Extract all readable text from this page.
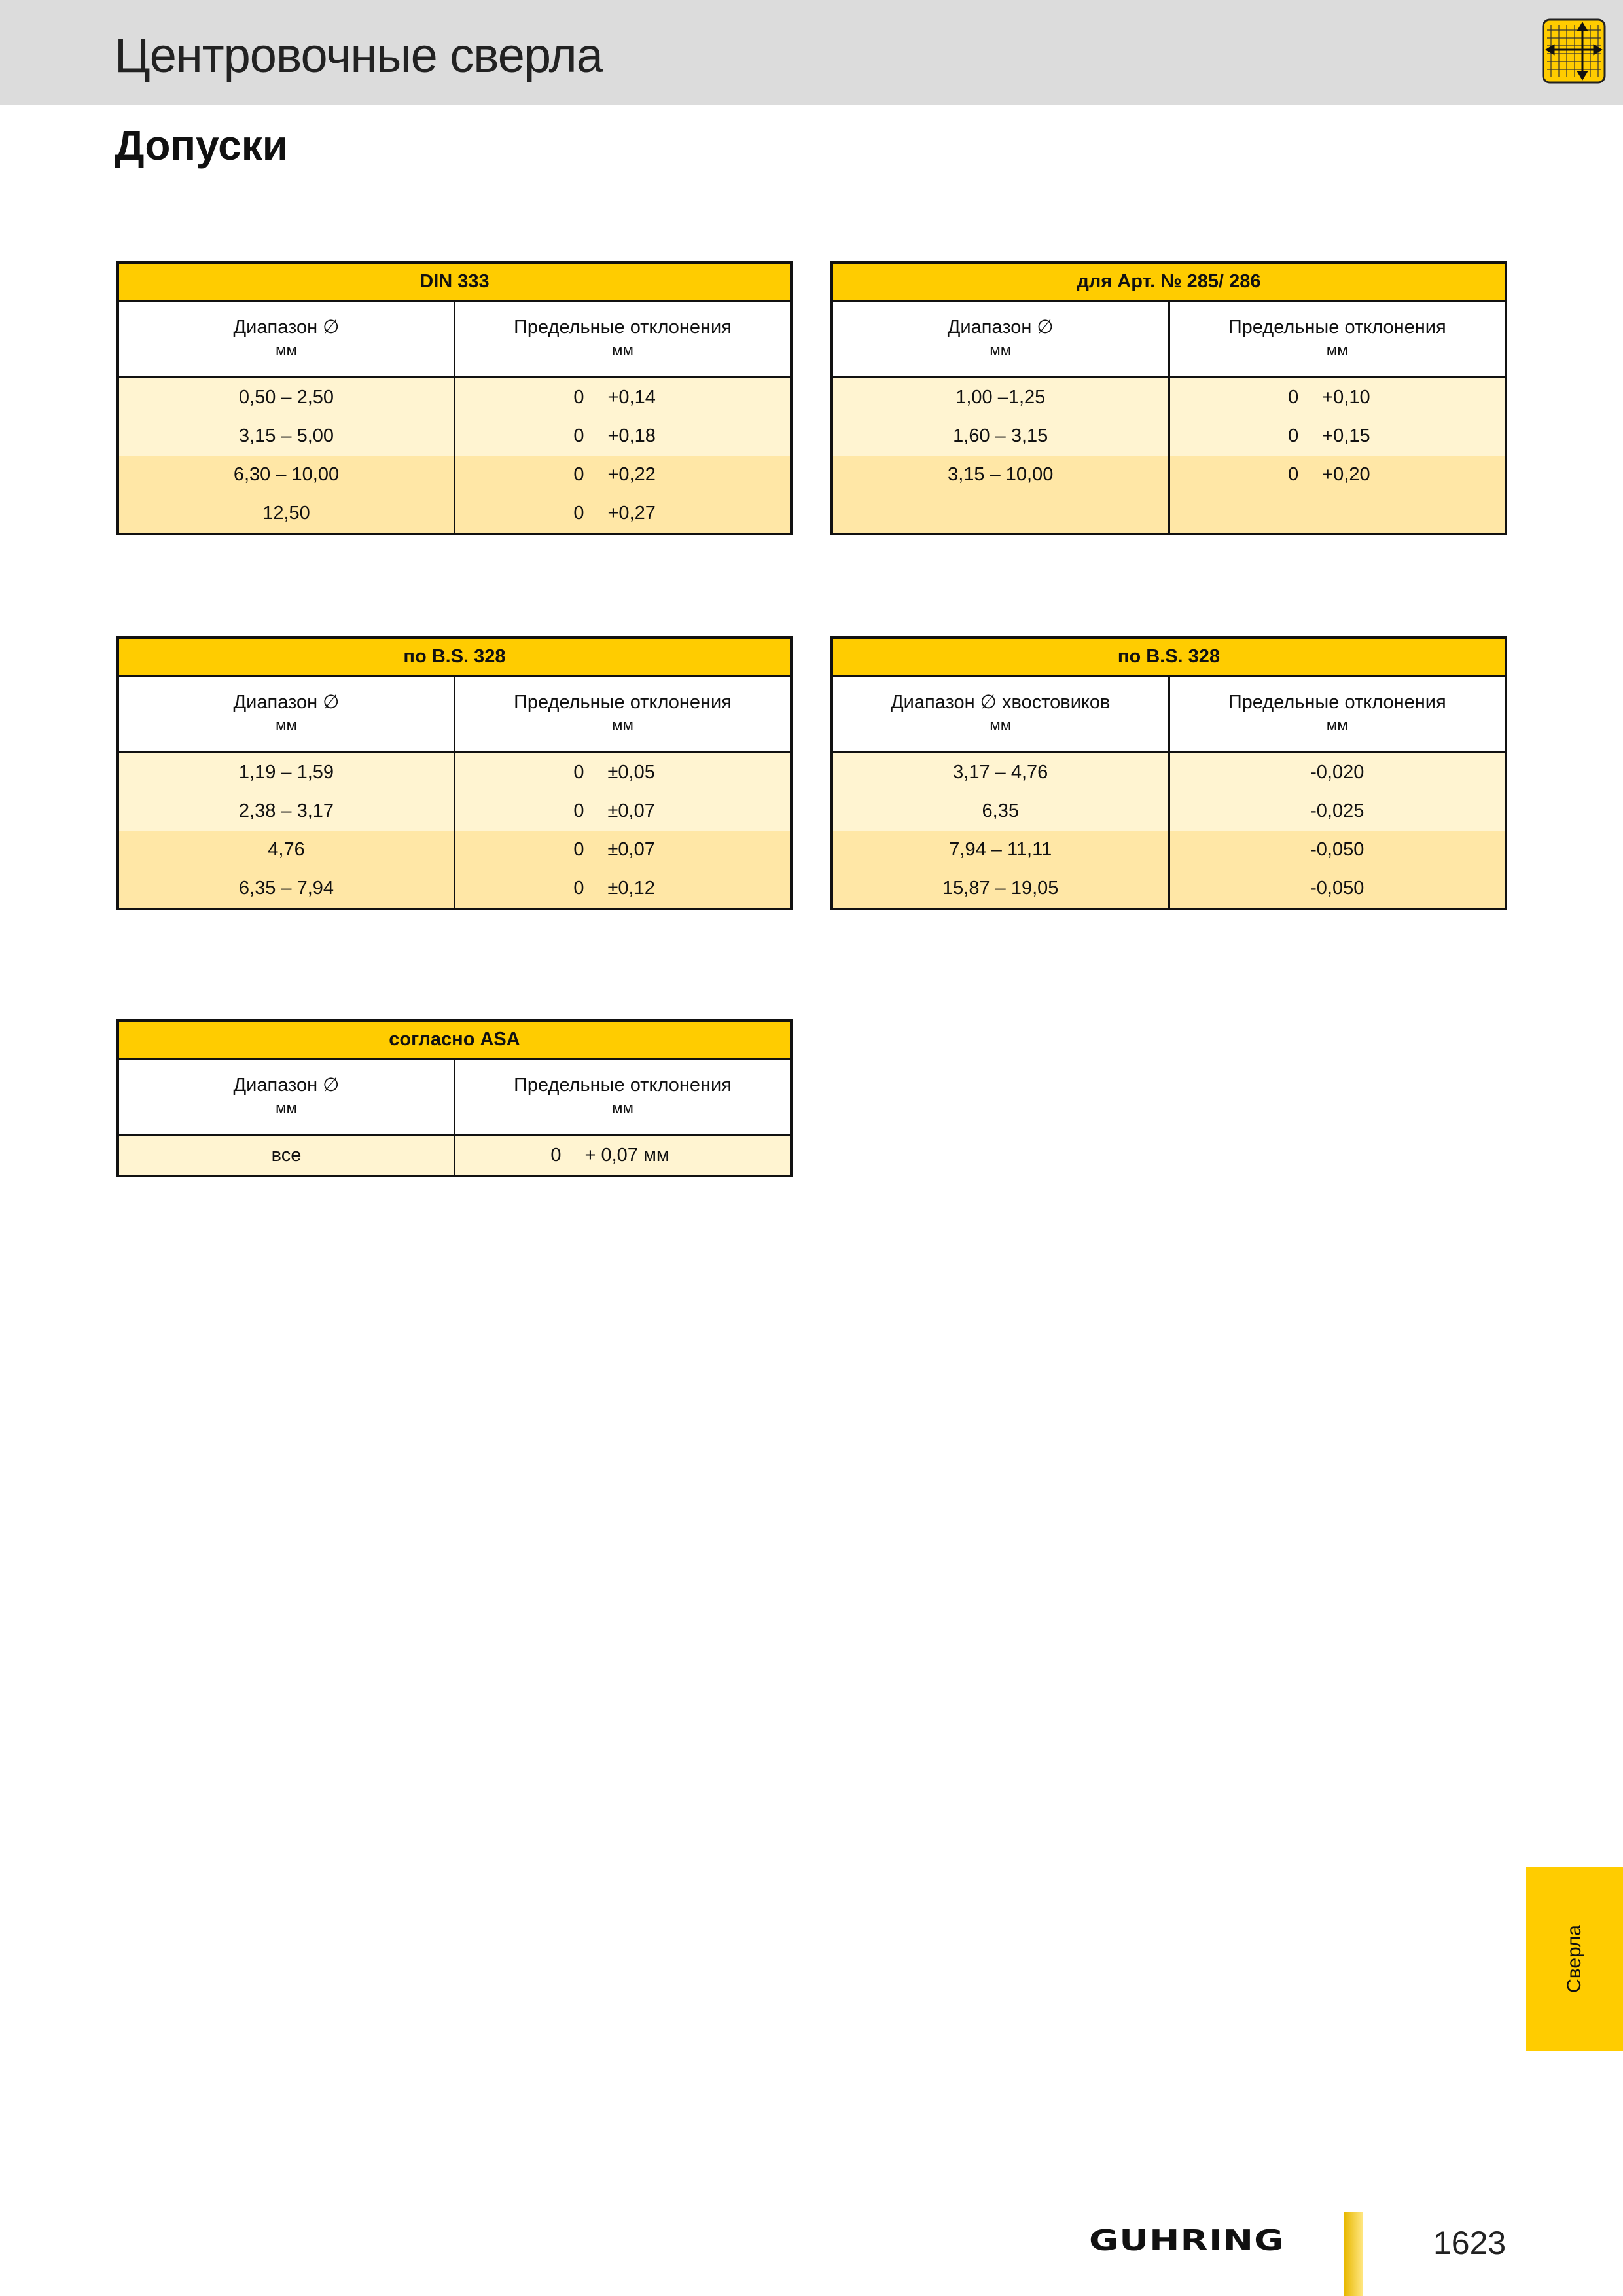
Центровочные сверла
Допуски
DIN 333
Диапазон ∅
мм
Предельные отклонения
мм
0,50 – 2,50	0	+0,14
3,15 – 5,00	0	+0,18
6,30 – 10,00	0	+0,22
12,50	0	+0,27
для Арт. № 285/ 286
Диапазон ∅
мм
Предельные отклонения
мм
1,00 –1,25	0	+0,10
1,60 – 3,15	0	+0,15
3,15 – 10,00	0	+0,20
по B.S. 328
Диапазон ∅
мм
Предельные отклонения
мм
1,19 – 1,59	0	±0,05
2,38 – 3,17	0	±0,07
4,76	0	±0,07
6,35 – 7,94	0	±0,12
по B.S. 328
Диапазон ∅ хвостовиков
мм
Предельные отклонения
мм
3,17 – 4,76	-0,020
6,35	-0,025
7,94 – 11,11	-0,050
15,87 – 19,05	-0,050
согласно ASA
Диапазон ∅
мм
Предельные отклонения
мм
все	0	+ 0,07 мм
Сверла
GUHRING	1623
